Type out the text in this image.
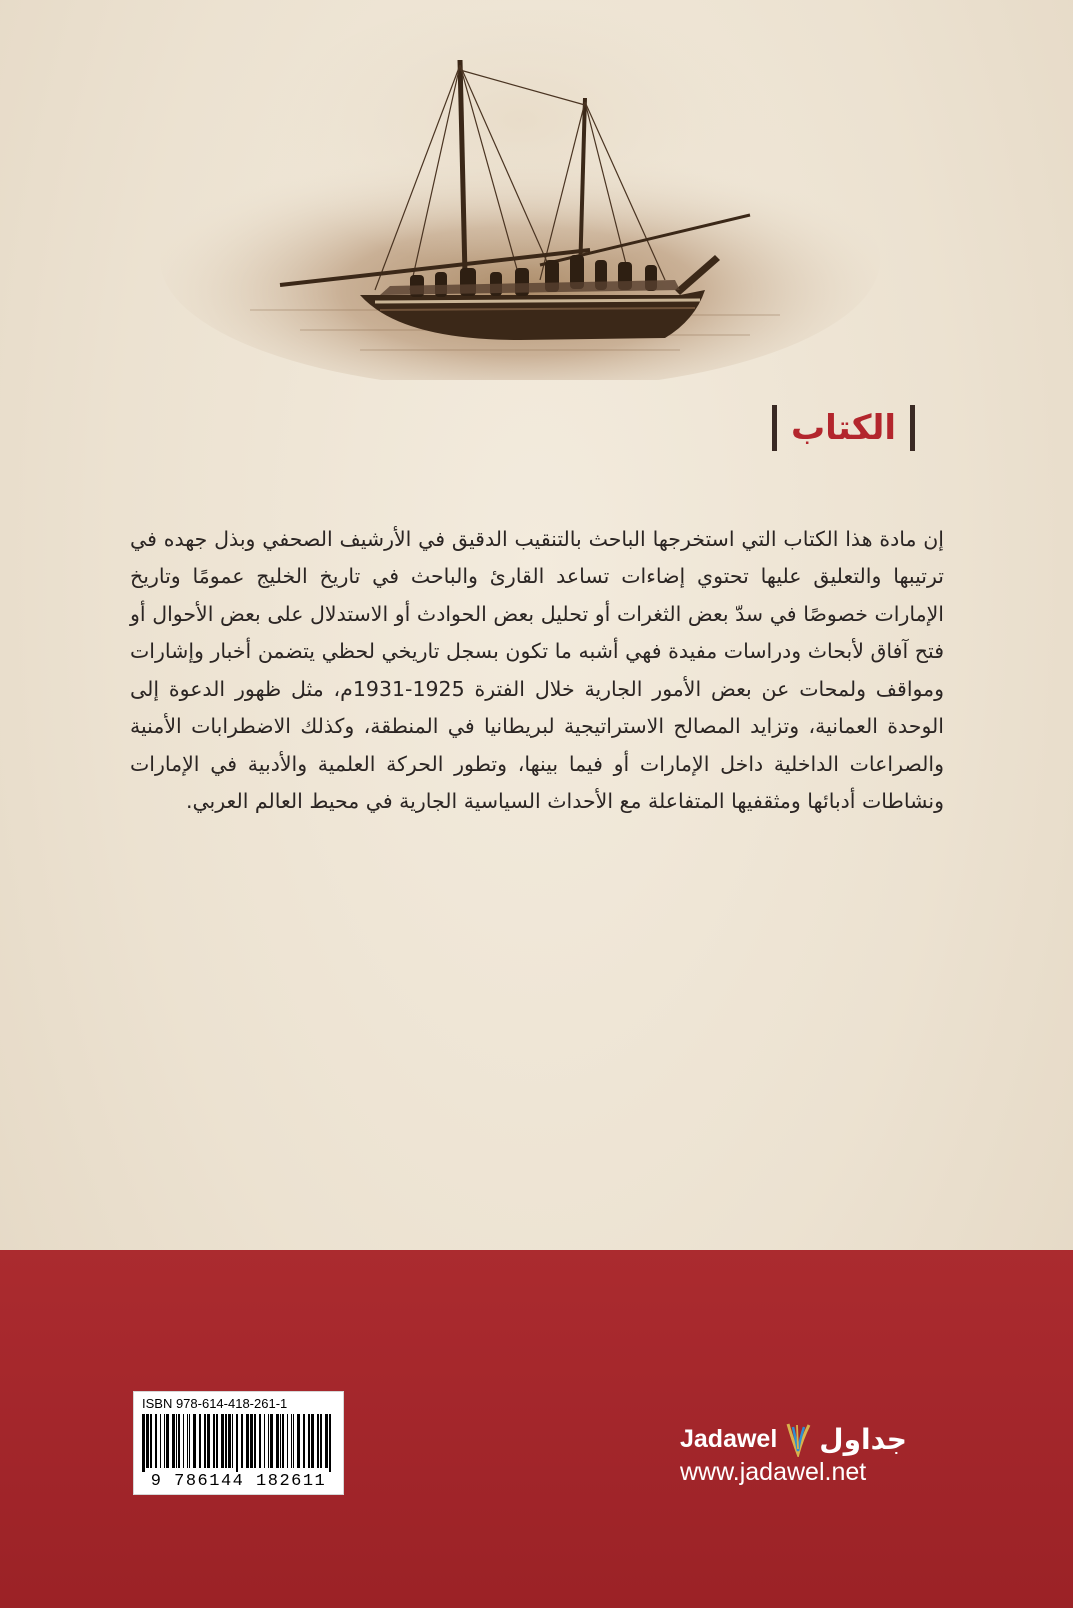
الكتاب

إن مادة هذا الكتاب التي استخرجها الباحث بالتنقيب الدقيق في الأرشيف الصحفي وبذل جهده في ترتيبها والتعليق عليها تحتوي إضاءات تساعد القارئ والباحث في تاريخ الخليج عمومًا وتاريخ الإمارات خصوصًا في سدّ بعض الثغرات أو تحليل بعض الحوادث أو الاستدلال على بعض الأحوال أو فتح آفاق لأبحاث ودراسات مفيدة فهي أشبه ما تكون بسجل تاريخي لحظي يتضمن أخبار وإشارات ومواقف ولمحات عن بعض الأمور الجارية خلال الفترة 1925-1931م، مثل ظهور الدعوة إلى الوحدة العمانية، وتزايد المصالح الاستراتيجية لبريطانيا في المنطقة، وكذلك الاضطرابات الأمنية والصراعات الداخلية داخل الإمارات أو فيما بينها، وتطور الحركة العلمية والأدبية في الإمارات ونشاطات أدبائها ومثقفيها المتفاعلة مع الأحداث السياسية الجارية في محيط العالم العربي.

ISBN 978-614-418-261-1
9 786144 182611
Jadawel جداول
www.jadawel.net
